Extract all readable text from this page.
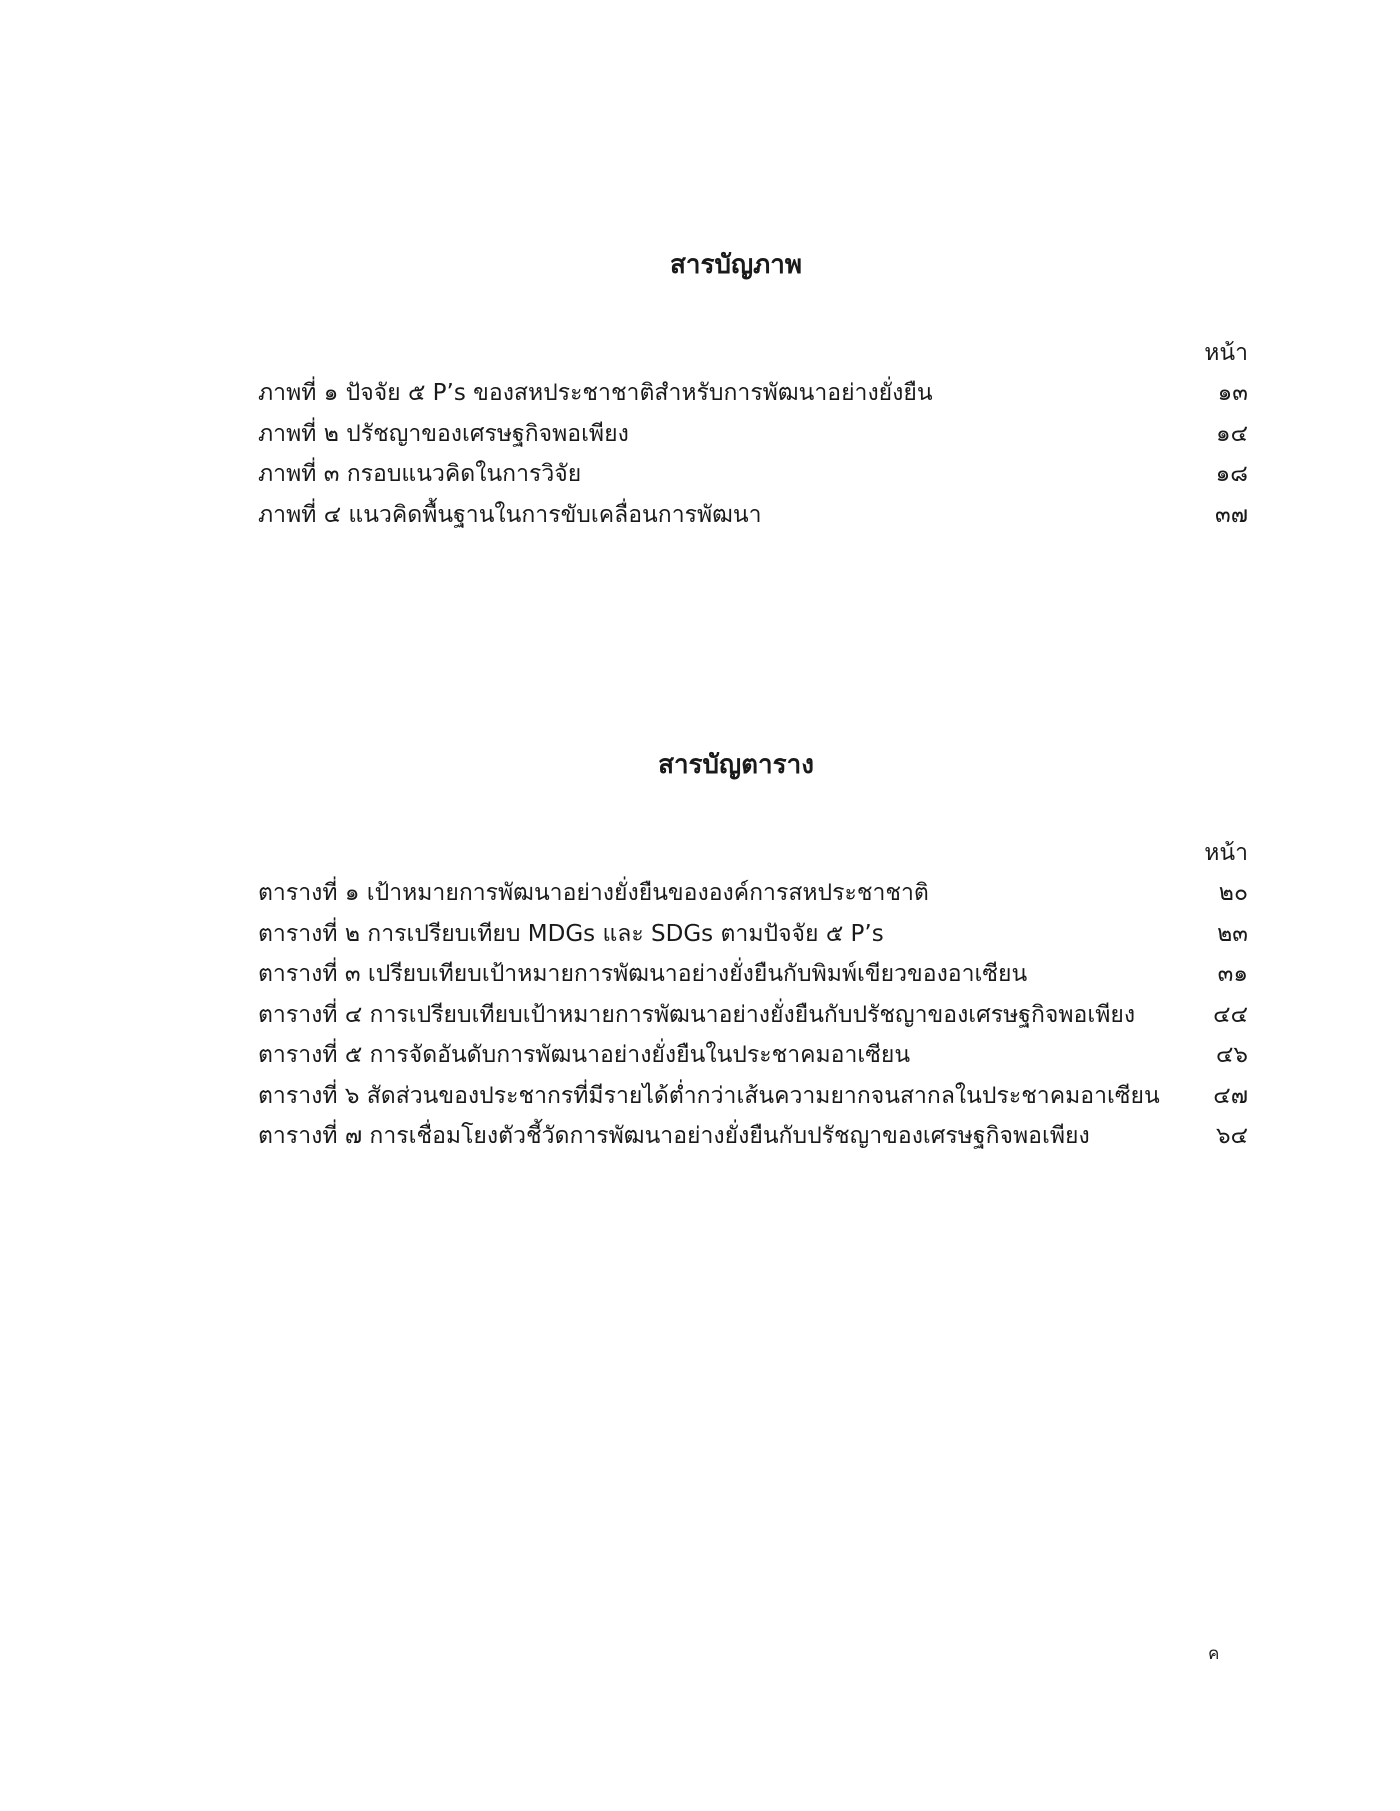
สารบัญภาพ
หน้า
ภาพที่ ๑ ปัจจัย ๕ P’s ของสหประชาชาติสำหรับการพัฒนาอย่างยั่งยืน	๑๓
ภาพที่ ๒ ปรัชญาของเศรษฐกิจพอเพียง	๑๔
ภาพที่ ๓ กรอบแนวคิดในการวิจัย	๑๘
ภาพที่ ๔ แนวคิดพื้นฐานในการขับเคลื่อนการพัฒนา	๓๗
สารบัญตาราง
หน้า
ตารางที่ ๑ เป้าหมายการพัฒนาอย่างยั่งยืนขององค์การสหประชาชาติ	๒๐
ตารางที่ ๒ การเปรียบเทียบ MDGs และ SDGs ตามปัจจัย ๕ P’s	๒๓
ตารางที่ ๓ เปรียบเทียบเป้าหมายการพัฒนาอย่างยั่งยืนกับพิมพ์เขียวของอาเซียน	๓๑
ตารางที่ ๔ การเปรียบเทียบเป้าหมายการพัฒนาอย่างยั่งยืนกับปรัชญาของเศรษฐกิจพอเพียง	๔๔
ตารางที่ ๕ การจัดอันดับการพัฒนาอย่างยั่งยืนในประชาคมอาเซียน	๔๖
ตารางที่ ๖ สัดส่วนของประชากรที่มีรายได้ต่ำกว่าเส้นความยากจนสากลในประชาคมอาเซียน	๔๗
ตารางที่ ๗ การเชื่อมโยงตัวชี้วัดการพัฒนาอย่างยั่งยืนกับปรัชญาของเศรษฐกิจพอเพียง	๖๔
ค
